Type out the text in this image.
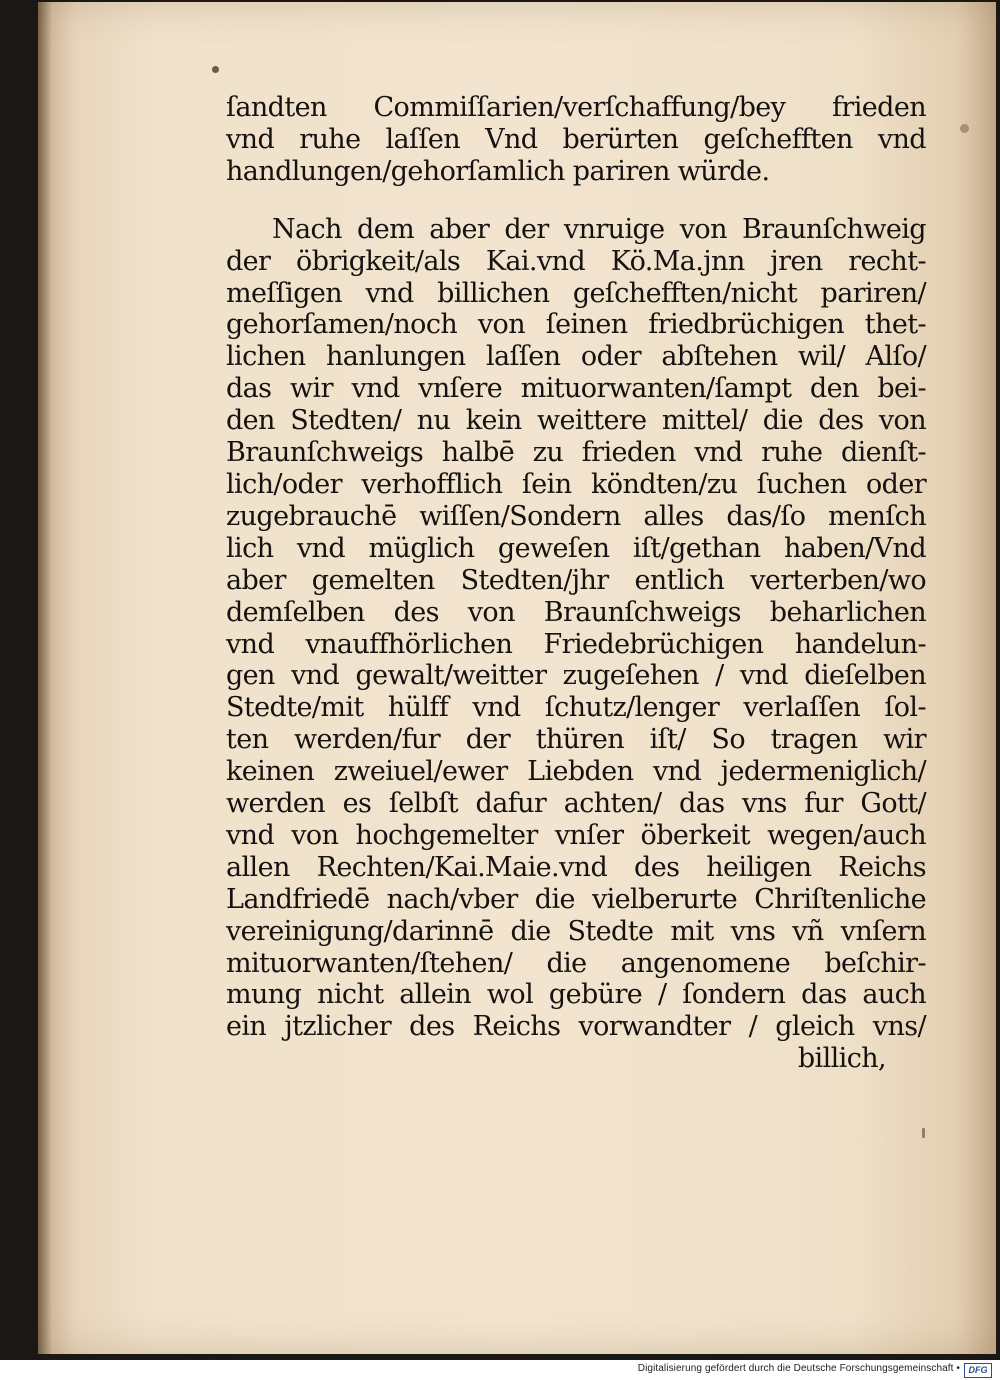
ſandten Commiſſarien/verſchaffung/bey frieden
vnd ruhe laſſen Vnd berürten geſchefften vnd
handlungen/gehorſamlich pariren würde.
Nach dem aber der vnruige von Braunſchweig
der öbrigkeit/als Kai.vnd Kö.Ma.jnn jren recht-
meſſigen vnd billichen geſchefften/nicht pariren/
gehorſamen/noch von ſeinen friedbrüchigen thet-
lichen hanlungen laſſen oder abſtehen wil/ Alſo/
das wir vnd vnſere mituorwanten/ſampt den bei-
den Stedten/ nu kein weittere mittel/ die des von
Braunſchweigs halbē zu frieden vnd ruhe dienſt-
lich/oder verhofflich ſein köndten/zu ſuchen oder
zugebrauchē wiſſen/Sondern alles das/ſo menſch
lich vnd müglich geweſen iſt/gethan haben/Vnd
aber gemelten Stedten/jhr entlich verterben/wo
demſelben des von Braunſchweigs beharlichen
vnd vnauffhörlichen Friedebrüchigen handelun-
gen vnd gewalt/weitter zugeſehen / vnd dieſelben
Stedte/mit hülff vnd ſchutz/lenger verlaſſen ſol-
ten werden/fur der thüren iſt/ So tragen wir
keinen zweiuel/ewer Liebden vnd jedermeniglich/
werden es ſelbſt dafur achten/ das vns fur Gott/
vnd von hochgemelter vnſer öberkeit wegen/auch
allen Rechten/Kai.Maie.vnd des heiligen Reichs
Landfriedē nach/vber die vielberurte Chriſtenliche
vereinigung/darinnē die Stedte mit vns vñ vnſern
mituorwanten/ſtehen/ die angenomene beſchir-
mung nicht allein wol gebüre / ſondern das auch
ein jtzlicher des Reichs vorwandter / gleich vns/
billich,
Digitalisierung gefördert durch die Deutsche Forschungsgemeinschaft • DFG
